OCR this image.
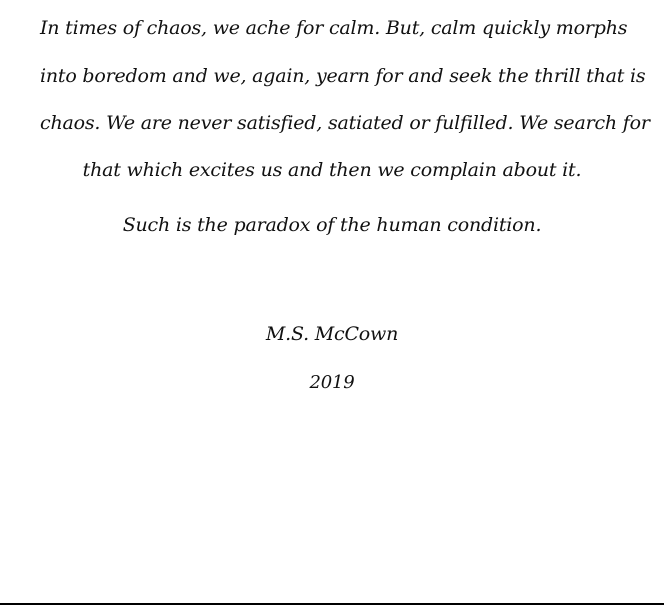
In times of chaos, we ache for calm. But, calm quickly morphs

into boredom and we, again, yearn for and seek the thrill that is

chaos. We are never satisfied, satiated or fulfilled. We search for

that which excites us and then we complain about it.

Such is the paradox of the human condition.

M.S. McCown

2019
